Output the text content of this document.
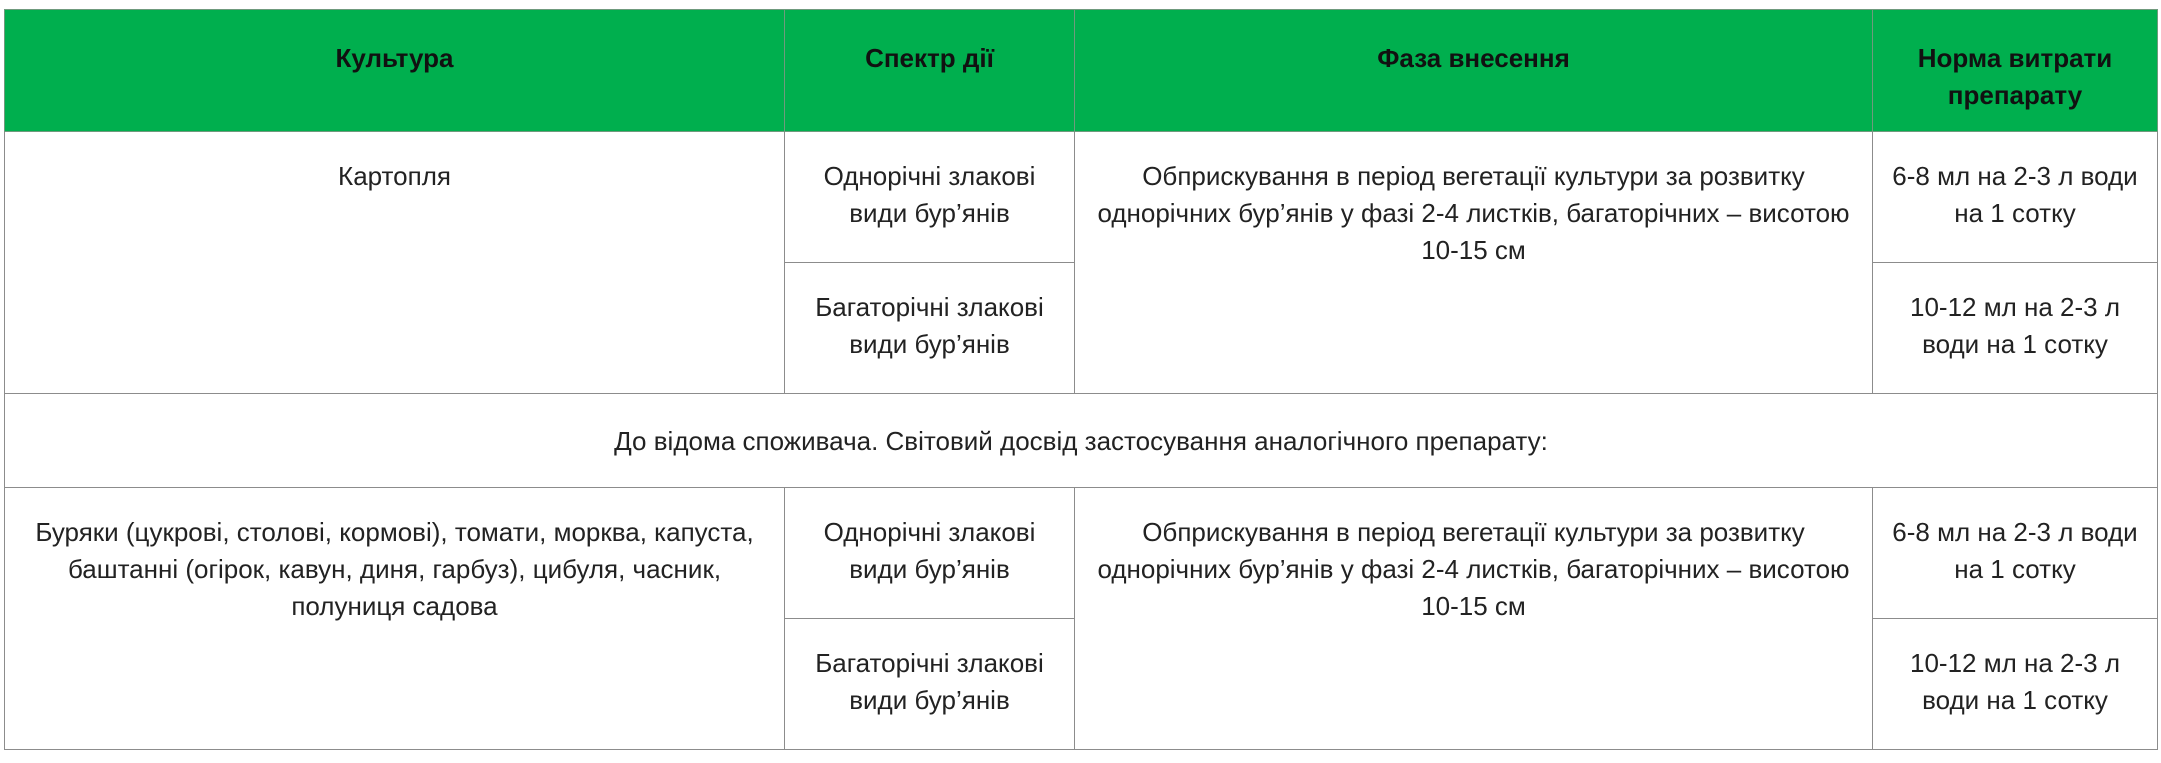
Культура	Спектр дії	Фаза внесення	Норма витрати препарату
Картопля	Однорічні злакові види бур’янів	Обприскування в період вегетації культури за розвитку однорічних бур’янів у фазі 2-4 листків, багаторічних – висотою 10-15 см	6-8 мл на 2-3 л води на 1 сотку
	Багаторічні злакові види бур’янів		10-12 мл на 2-3 л води на 1 сотку
До відома споживача. Світовий досвід застосування аналогічного препарату:			
Буряки (цукрові, столові, кормові), томати, морква, капуста, баштанні (огірок, кавун, диня, гарбуз), цибуля, часник, полуниця садова	Однорічні злакові види бур’янів	Обприскування в період вегетації культури за розвитку однорічних бур’янів у фазі 2-4 листків, багаторічних – висотою 10-15 см	6-8 мл на 2-3 л води на 1 сотку
	Багаторічні злакові види бур’янів		10-12 мл на 2-3 л води на 1 сотку
